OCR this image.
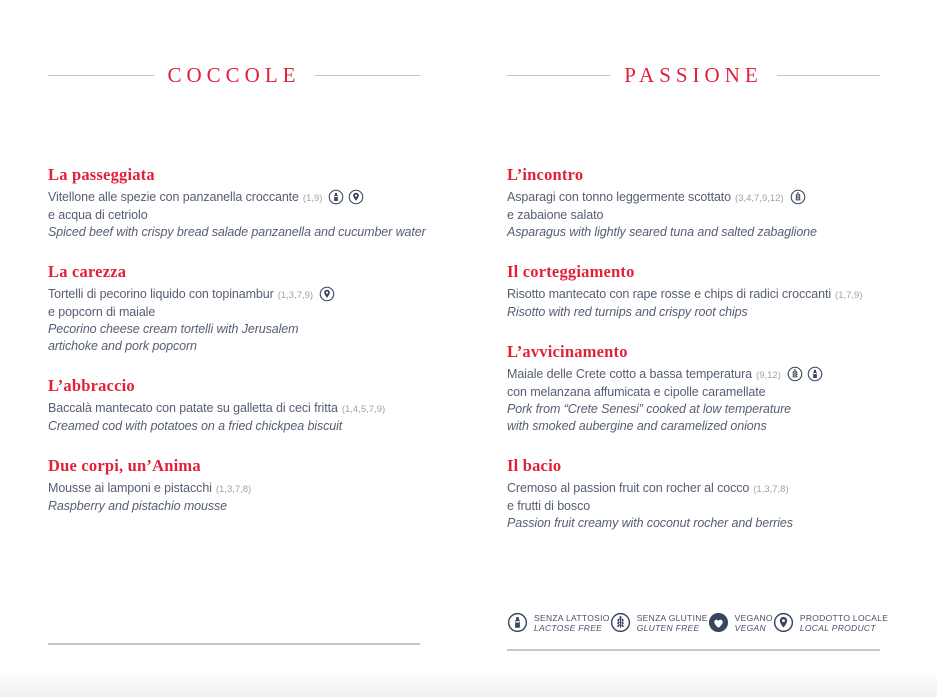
COCCOLE
La passeggiata
Vitellone alle spezie con panzanella croccante (1,9)
e acqua di cetriolo
Spiced beef with crispy bread salade panzanella and cucumber water
La carezza
Tortelli di pecorino liquido con topinambur (1,3,7,9)
e popcorn di maiale
Pecorino cheese cream tortelli with Jerusalem
artichoke and pork popcorn
L’abbraccio
Baccalà mantecato con patate su galletta di ceci fritta (1,4,5,7,9)
Creamed cod with potatoes on a fried chickpea biscuit
Due corpi, un’Anima
Mousse ai lamponi e pistacchi (1,3,7,8)
Raspberry and pistachio mousse
PASSIONE
L’incontro
Asparagi con tonno leggermente scottato (3,4,7,9,12)
e zabaione salato
Asparagus with lightly seared tuna and salted zabaglione
Il corteggiamento
Risotto mantecato con rape rosse e chips di radici croccanti (1,7,9)
Risotto with red turnips and crispy root chips
L’avvicinamento
Maiale delle Crete cotto a bassa temperatura (9,12)
con melanzana affumicata e cipolle caramellate
Pork from “Crete Senesi” cooked at low temperature
with smoked aubergine and caramelized onions
Il bacio
Cremoso al passion fruit con rocher al cocco (1,3,7,8)
e frutti di bosco
Passion fruit creamy with coconut rocher and berries
SENZA LATTOSIO
LACTOSE FREE
SENZA GLUTINE
GLUTEN FREE
VEGANO
VEGAN
PRODOTTO LOCALE
LOCAL PRODUCT
